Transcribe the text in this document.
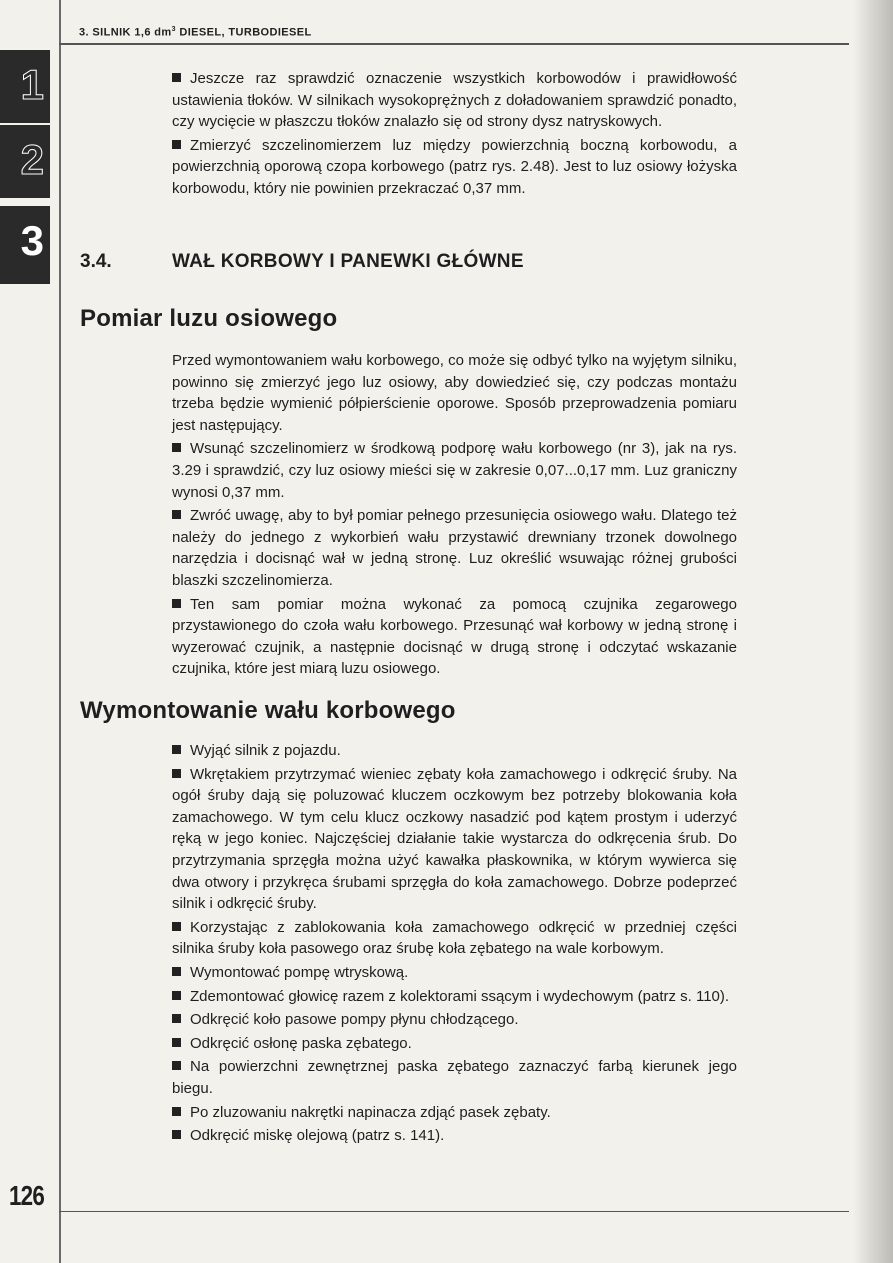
3. SILNIK 1,6 $dm^3$ DIESEL, TURBODIESEL
1
2
3

Jeszcze raz sprawdzić oznaczenie wszystkich korbowodów i prawidłowość ustawienia tłoków. W silnikach wysokoprężnych z doładowaniem sprawdzić ponadto, czy wycięcie w płaszczu tłoków znalazło się od strony dysz natryskowych.

Zmierzyć szczelinomierzem luz między powierzchnią boczną korbowodu, a powierzchnią oporową czopa korbowego (patrz rys. 2.48). Jest to luz osiowy łożyska korbowodu, który nie powinien przekraczać 0,37 mm.

3.4.	WAŁ KORBOWY I PANEWKI GŁÓWNE
Pomiar luzu osiowego

Przed wymontowaniem wału korbowego, co może się odbyć tylko na wyjętym silniku, powinno się zmierzyć jego luz osiowy, aby dowiedzieć się, czy podczas montażu trzeba będzie wymienić półpierścienie oporowe. Sposób przeprowadzenia pomiaru jest następujący.

Wsunąć szczelinomierz w środkową podporę wału korbowego (nr 3), jak na rys. 3.29 i sprawdzić, czy luz osiowy mieści się w zakresie 0,07...0,17 mm. Luz graniczny wynosi 0,37 mm.

Zwróć uwagę, aby to był pomiar pełnego przesunięcia osiowego wału. Dlatego też należy do jednego z wykorbień wału przystawić drewniany trzonek dowolnego narzędzia i docisnąć wał w jedną stronę. Luz określić wsuwając różnej grubości blaszki szczelinomierza.

Ten sam pomiar można wykonać za pomocą czujnika zegarowego przystawionego do czoła wału korbowego. Przesunąć wał korbowy w jedną stronę i wyzerować czujnik, a następnie docisnąć w drugą stronę i odczytać wskazanie czujnika, które jest miarą luzu osiowego.

Wymontowanie wału korbowego

Wyjąć silnik z pojazdu.

Wkrętakiem przytrzymać wieniec zębaty koła zamachowego i odkręcić śruby. Na ogół śruby dają się poluzować kluczem oczkowym bez potrzeby blokowania koła zamachowego. W tym celu klucz oczkowy nasadzić pod kątem prostym i uderzyć ręką w jego koniec. Najczęściej działanie takie wystarcza do odkręcenia śrub. Do przytrzymania sprzęgła można użyć kawałka płaskownika, w którym wywierca się dwa otwory i przykręca śrubami sprzęgła do koła zamachowego. Dobrze podeprzeć silnik i odkręcić śruby.

Korzystając z zablokowania koła zamachowego odkręcić w przedniej części silnika śruby koła pasowego oraz śrubę koła zębatego na wale korbowym.

Wymontować pompę wtryskową.

Zdemontować głowicę razem z kolektorami ssącym i wydechowym (patrz s. 110).

Odkręcić koło pasowe pompy płynu chłodzącego.

Odkręcić osłonę paska zębatego.

Na powierzchni zewnętrznej paska zębatego zaznaczyć farbą kierunek jego biegu.

Po zluzowaniu nakrętki napinacza zdjąć pasek zębaty.

Odkręcić miskę olejową (patrz s. 141).

126
